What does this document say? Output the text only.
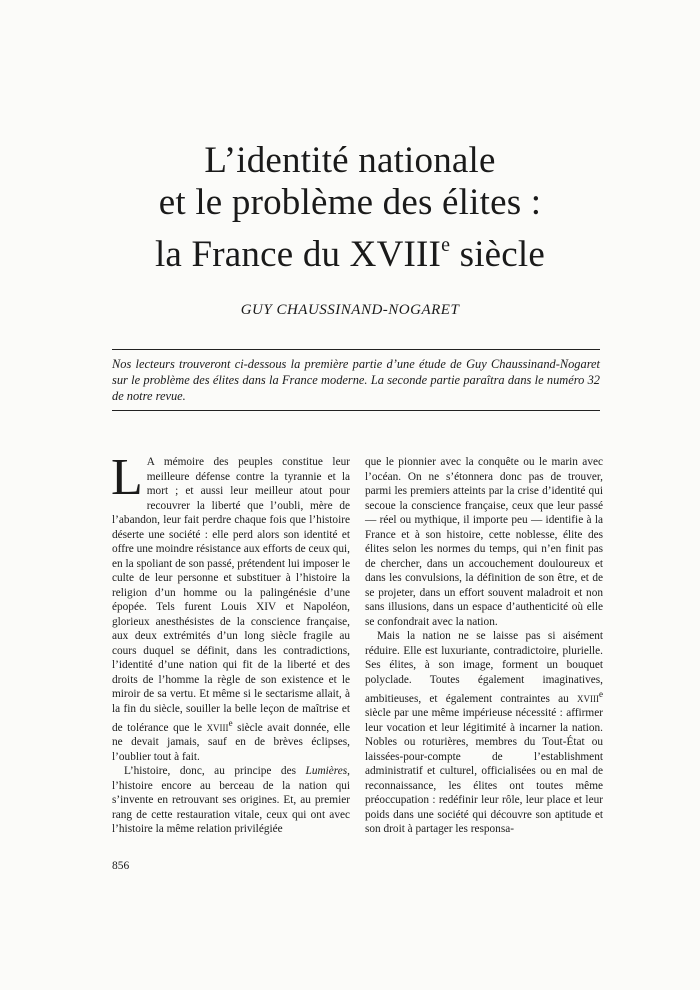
L’identité nationale
et le problème des élites :
la France du XVIIIe siècle
GUY CHAUSSINAND-NOGARET

Nos lecteurs trouveront ci-dessous la première partie d’une étude de Guy Chaussinand-Nogaret sur le problème des élites dans la France moderne. La seconde partie paraîtra dans le numéro 32 de notre revue.

L A mémoire des peuples constitue leur meilleure défense contre la tyrannie et la mort ; et aussi leur meilleur atout pour recouvrer la liberté que l’oubli, mère de l’abandon, leur fait perdre chaque fois que l’histoire déserte une société : elle perd alors son identité et offre une moindre résistance aux efforts de ceux qui, en la spoliant de son passé, prétendent lui imposer le culte de leur personne et substituer à l’histoire la religion d’un homme ou la palingénésie d’une épopée. Tels furent Louis XIV et Napoléon, glorieux anesthésistes de la conscience française, aux deux extrémités d’un long siècle fragile au cours duquel se définit, dans les contradictions, l’identité d’une nation qui fit de la liberté et des droits de l’homme la règle de son existence et le miroir de sa vertu. Et même si le sectarisme allait, à la fin du siècle, souiller la belle leçon de maîtrise et de tolérance que le XVIIIe siècle avait donnée, elle ne devait jamais, sauf en de brèves éclipses, l’oublier tout à fait.

L’histoire, donc, au principe des Lumières, l’histoire encore au berceau de la nation qui s’invente en retrouvant ses origines. Et, au premier rang de cette restauration vitale, ceux qui ont avec l’histoire la même relation privilégiée

que le pionnier avec la conquête ou le marin avec l’océan. On ne s’étonnera donc pas de trouver, parmi les premiers atteints par la crise d’identité qui secoue la conscience française, ceux que leur passé — réel ou mythique, il importe peu — identifie à la France et à son histoire, cette noblesse, élite des élites selon les normes du temps, qui n’en finit pas de chercher, dans un accouchement douloureux et dans les convulsions, la définition de son être, et de se projeter, dans un effort souvent maladroit et non sans illusions, dans un espace d’authenticité où elle se confondrait avec la nation.

Mais la nation ne se laisse pas si aisément réduire. Elle est luxuriante, contradictoire, plurielle. Ses élites, à son image, forment un bouquet polyclade. Toutes également imaginatives, ambitieuses, et également contraintes au XVIIIe siècle par une même impérieuse nécessité : affirmer leur vocation et leur légitimité à incarner la nation. Nobles ou roturières, membres du Tout-État ou laissées-pour-compte de l’establishment administratif et culturel, officialisées ou en mal de reconnaissance, les élites ont toutes même préoccupation : redéfinir leur rôle, leur place et leur poids dans une société qui découvre son aptitude et son droit à partager les responsa-

856
